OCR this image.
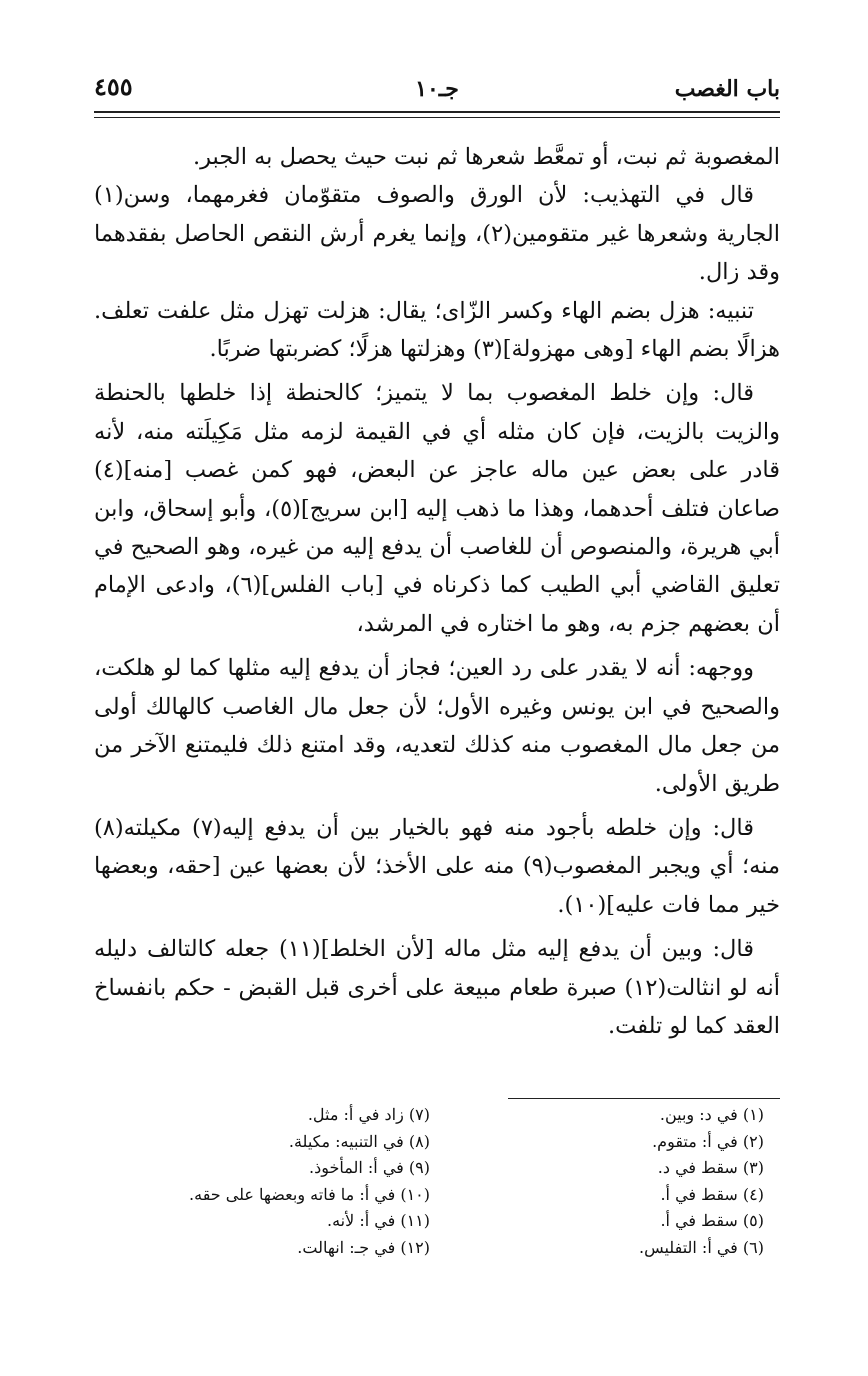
باب الغصب
جـ١٠
٤٥٥

المغصوبة ثم نبت، أو تمعَّط شعرها ثم نبت حيث يحصل به الجبر.

قال في التهذيب: لأن الورق والصوف متقوّمان فغرمهما، وسن(١) الجارية وشعرها غير متقومين(٢)، وإنما يغرم أرش النقص الحاصل بفقدهما وقد زال.

تنبيه: هزل بضم الهاء وكسر الزّاى؛ يقال: هزلت تهزل مثل علفت تعلف. هزالًا بضم الهاء [وهى مهزولة](٣) وهزلتها هزلًا؛ كضربتها ضربًا.

قال: وإن خلط المغصوب بما لا يتميز؛ كالحنطة إذا خلطها بالحنطة والزيت بالزيت، فإن كان مثله أي في القيمة لزمه مثل مَكِيلَته منه، لأنه قادر على بعض عين ماله عاجز عن البعض، فهو كمن غصب [منه](٤) صاعان فتلف أحدهما، وهذا ما ذهب إليه [ابن سريج](٥)، وأبو إسحاق، وابن أبي هريرة، والمنصوص أن للغاصب أن يدفع إليه من غيره، وهو الصحيح في تعليق القاضي أبي الطيب كما ذكرناه في [باب الفلس](٦)، وادعى الإمام أن بعضهم جزم به، وهو ما اختاره في المرشد،

ووجهه: أنه لا يقدر على رد العين؛ فجاز أن يدفع إليه مثلها كما لو هلكت، والصحيح في ابن يونس وغيره الأول؛ لأن جعل مال الغاصب كالهالك أولى من جعل مال المغصوب منه كذلك لتعديه، وقد امتنع ذلك فليمتنع الآخر من طريق الأولى.

قال: وإن خلطه بأجود منه فهو بالخيار بين أن يدفع إليه(٧) مكيلته(٨) منه؛ أي ويجبر المغصوب(٩) منه على الأخذ؛ لأن بعضها عين [حقه، وبعضها خير مما فات عليه](١٠).

قال: وبين أن يدفع إليه مثل ماله [لأن الخلط](١١) جعله كالتالف دليله أنه لو انثالت(١٢) صبرة طعام مبيعة على أخرى قبل القبض - حكم بانفساخ العقد كما لو تلفت.

(١) في د: وبين.
(٢) في أ: متقوم.
(٣) سقط في د.
(٤) سقط في أ.
(٥) سقط في أ.
(٦) في أ: التفليس.
(٧) زاد في أ: مثل.
(٨) في التنبيه: مكيلة.
(٩) في أ: المأخوذ.
(١٠) في أ: ما فاته وبعضها على حقه.
(١١) في أ: لأنه.
(١٢) في جـ: انهالت.
